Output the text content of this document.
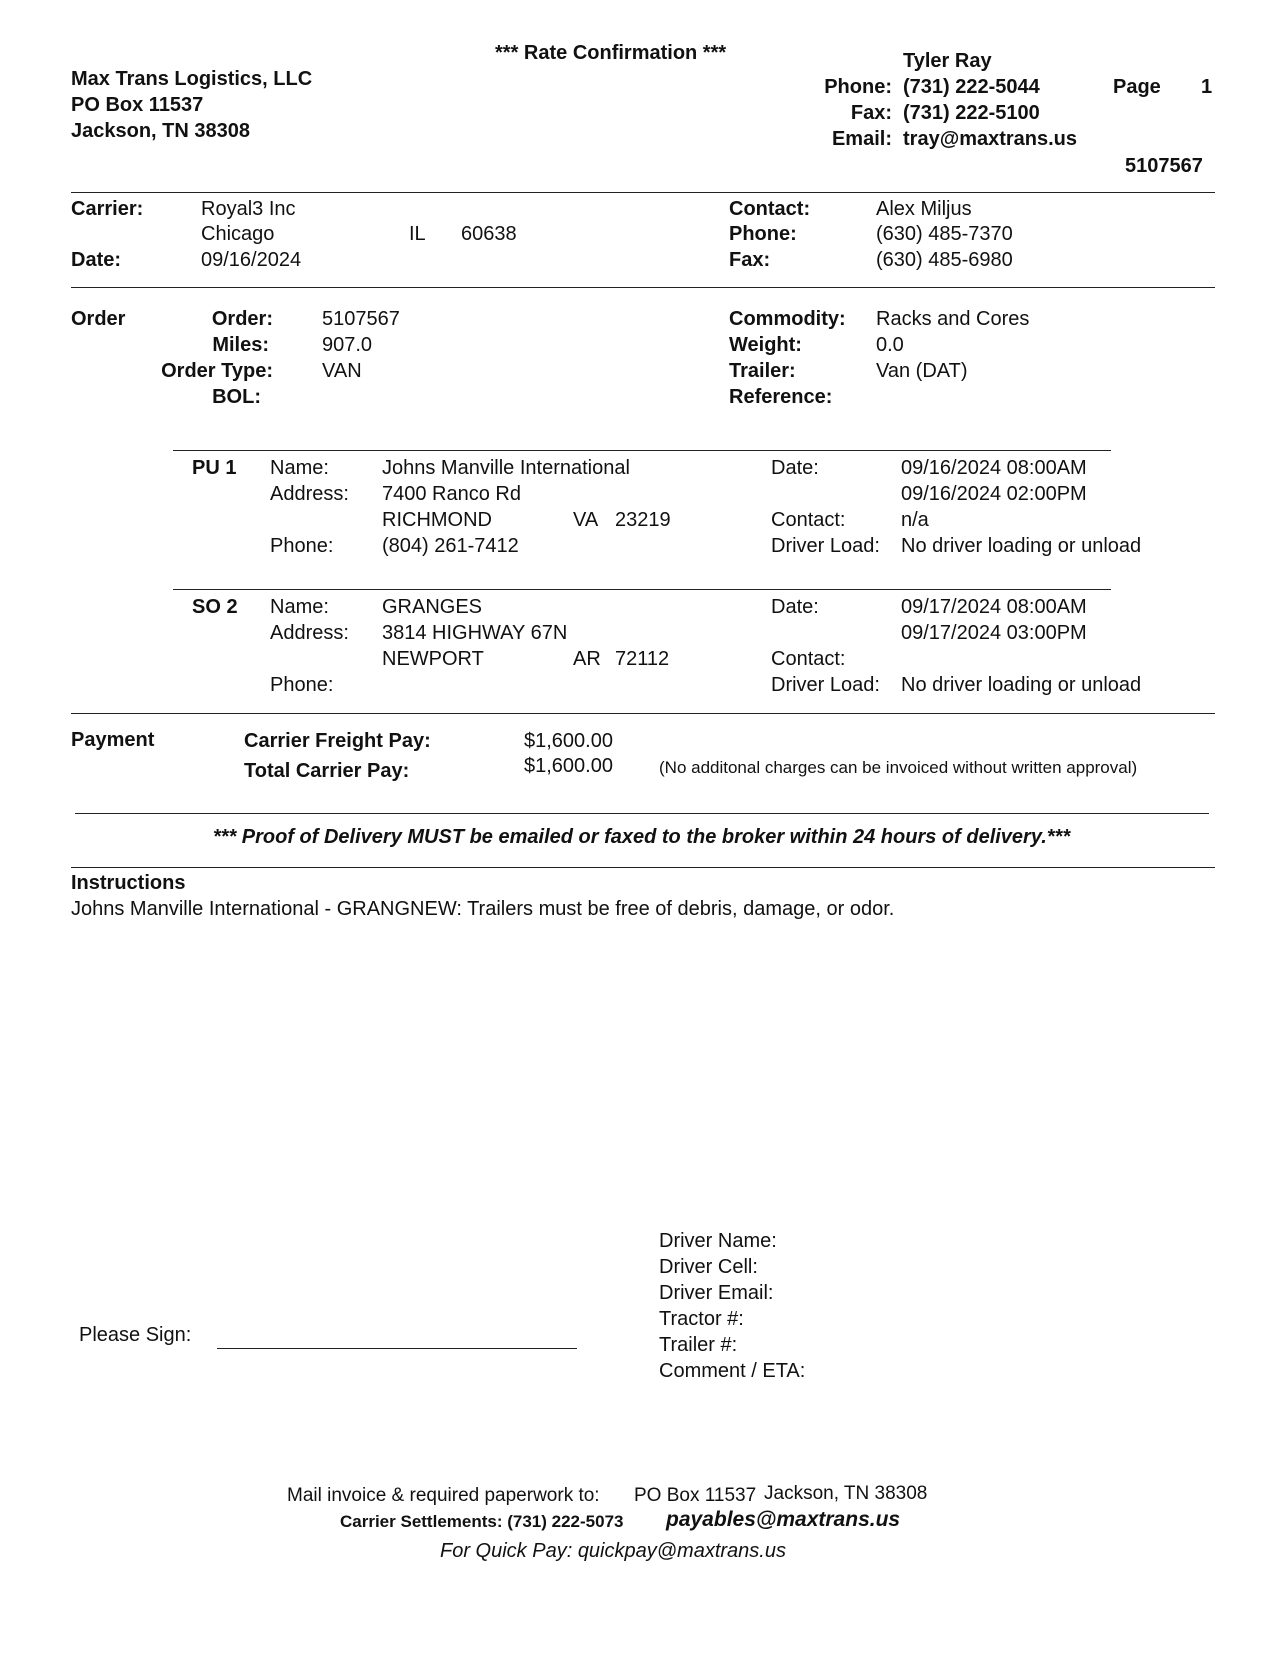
*** Rate Confirmation ***
Max Trans Logistics, LLC
PO Box 11537
Jackson, TN 38308
Tyler Ray
Phone: (731) 222-5044
Fax: (731) 222-5100
Email: tray@maxtrans.us
Page 1
5107567
Carrier:	Royal3 Inc
Chicago	IL 60638
Date:	09/16/2024
Contact:	Alex Miljus
Phone:	(630) 485-7370
Fax:	(630) 485-6980
Order	Order: 5107567
Miles:	907.0
Order Type: VAN
BOL:
Commodity: Racks and Cores
Weight:	0.0
Trailer:	Van (DAT)
Reference:
PU 1 Name:	Johns Manville International
Address: 7400 Ranco Rd
RICHMOND	VA 23219
Phone: (804) 261-7412
Date:	09/16/2024 08:00AM
09/16/2024 02:00PM
Contact:	n/a
Driver Load: No driver loading or unload
SO 2 Name:	GRANGES
Address: 3814 HIGHWAY 67N
NEWPORT	AR 72112
Phone:
Date:	09/17/2024 08:00AM
09/17/2024 03:00PM
Contact:
Driver Load: No driver loading or unload
Payment	Carrier Freight Pay:	$1,600.00
Total Carrier Pay:	$1,600.00	(No additonal charges can be invoiced without written approval)
*** Proof of Delivery MUST be emailed or faxed to the broker within 24 hours of delivery.***
Instructions
Johns Manville International - GRANGNEW: Trailers must be free of debris, damage, or odor.
Please Sign:
Driver Name:
Driver Cell:
Driver Email:
Tractor #:
Trailer #:
Comment / ETA:
Mail invoice & required paperwork to: PO Box 11537 Jackson, TN 38308
Carrier Settlements: (731) 222-5073 payables@maxtrans.us
For Quick Pay: quickpay@maxtrans.us
